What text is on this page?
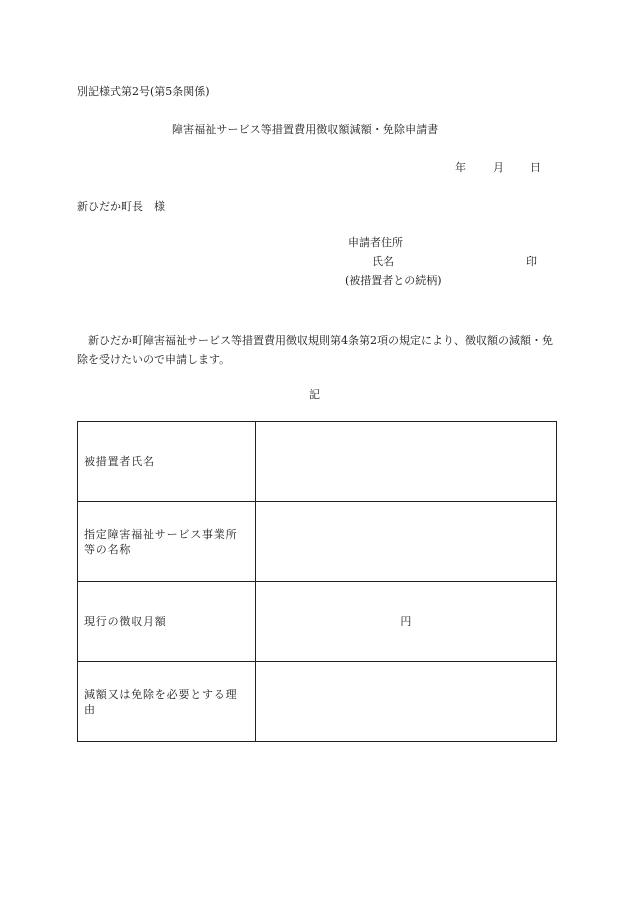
別記様式第2号(第5条関係)
障害福祉サービス等措置費用徴収額減額・免除申請書
年 月 日
新ひだか町長　様
申請者住所
氏名	印
(被措置者との続柄)
新ひだか町障害福祉サービス等措置費用徴収規則第4条第2項の規定により、徴収額の減額・免除を受けたいので申請します。
記
被措置者氏名	
指定障害福祉サービス事業所等の名称	
現行の徴収月額	円
減額又は免除を必要とする理由	
